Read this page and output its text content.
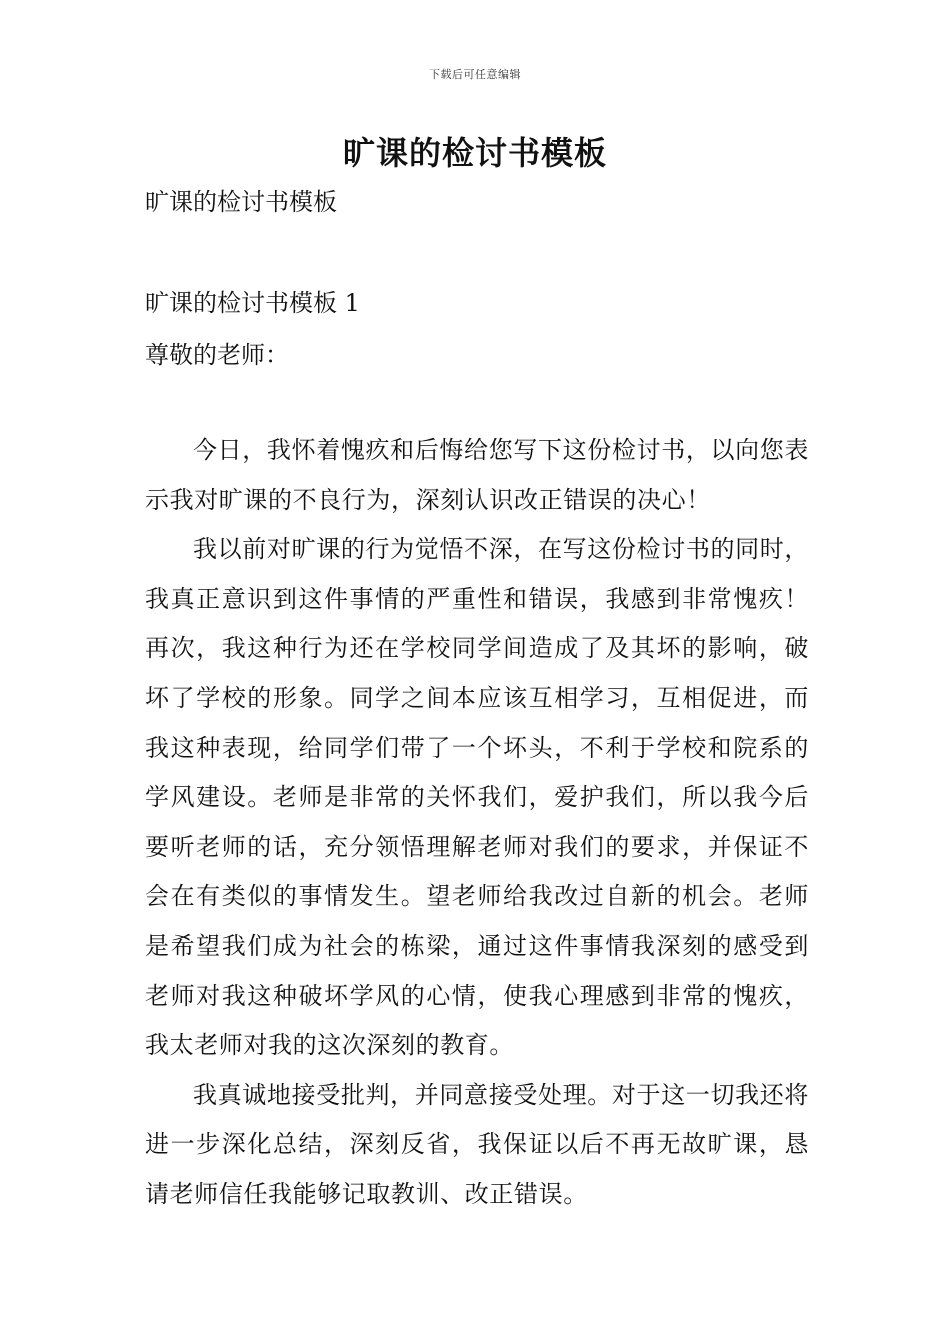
下载后可任意编辑
旷课的检讨书模板
旷课的检讨书模板
旷课的检讨书模板 1
尊敬的老师：

今日，我怀着愧疚和后悔给您写下这份检讨书，以向您表示我对旷课的不良行为，深刻认识改正错误的决心！

我以前对旷课的行为觉悟不深，在写这份检讨书的同时，我真正意识到这件事情的严重性和错误，我感到非常愧疚！再次，我这种行为还在学校同学间造成了及其坏的影响，破坏了学校的形象。同学之间本应该互相学习，互相促进，而我这种表现，给同学们带了一个坏头，不利于学校和院系的学风建设。老师是非常的关怀我们，爱护我们，所以我今后要听老师的话，充分领悟理解老师对我们的要求，并保证不会在有类似的事情发生。望老师给我改过自新的机会。老师是希望我们成为社会的栋梁，通过这件事情我深刻的感受到老师对我这种破坏学风的心情，使我心理感到非常的愧疚，我太老师对我的这次深刻的教育。

我真诚地接受批判，并同意接受处理。对于这一切我还将进一步深化总结，深刻反省，我保证以后不再无故旷课，恳请老师信任我能够记取教训、改正错误。
